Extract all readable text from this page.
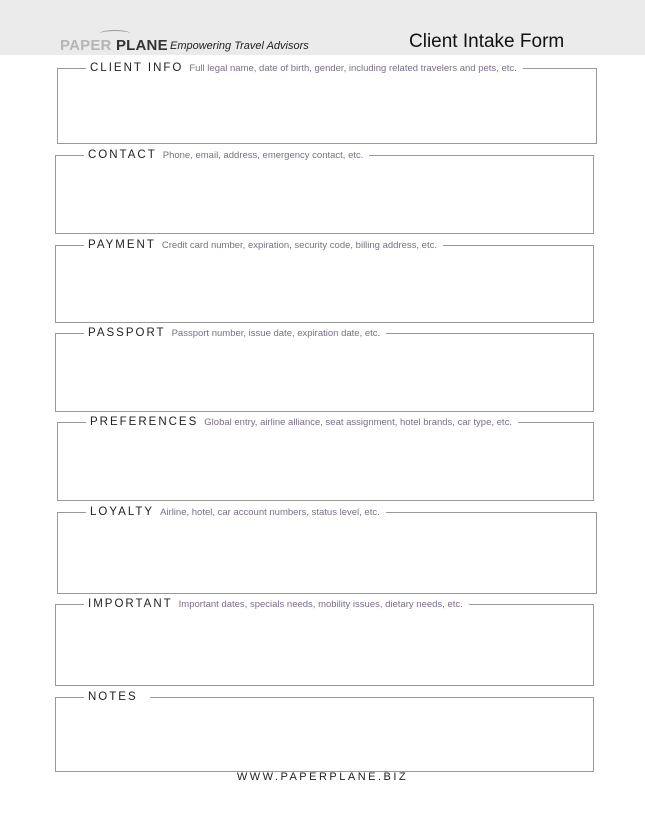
PAPER PLANE Empowering Travel Advisors	Client Intake Form
CLIENT INFO Full legal name, date of birth, gender, including related travelers and pets, etc.
CONTACT Phone, email, address, emergency contact, etc.
PAYMENT Credit card number, expiration, security code, billing address, etc.
PASSPORT Passport number, issue date, expiration date, etc.
PREFERENCES Global entry, airline alliance, seat assignment, hotel brands, car type, etc.
LOYALTY Airline, hotel, car account numbers, status level, etc.
IMPORTANT Important dates, specials needs, mobility issues, dietary needs, etc.
NOTES
WWW.PAPERPLANE.BIZ
